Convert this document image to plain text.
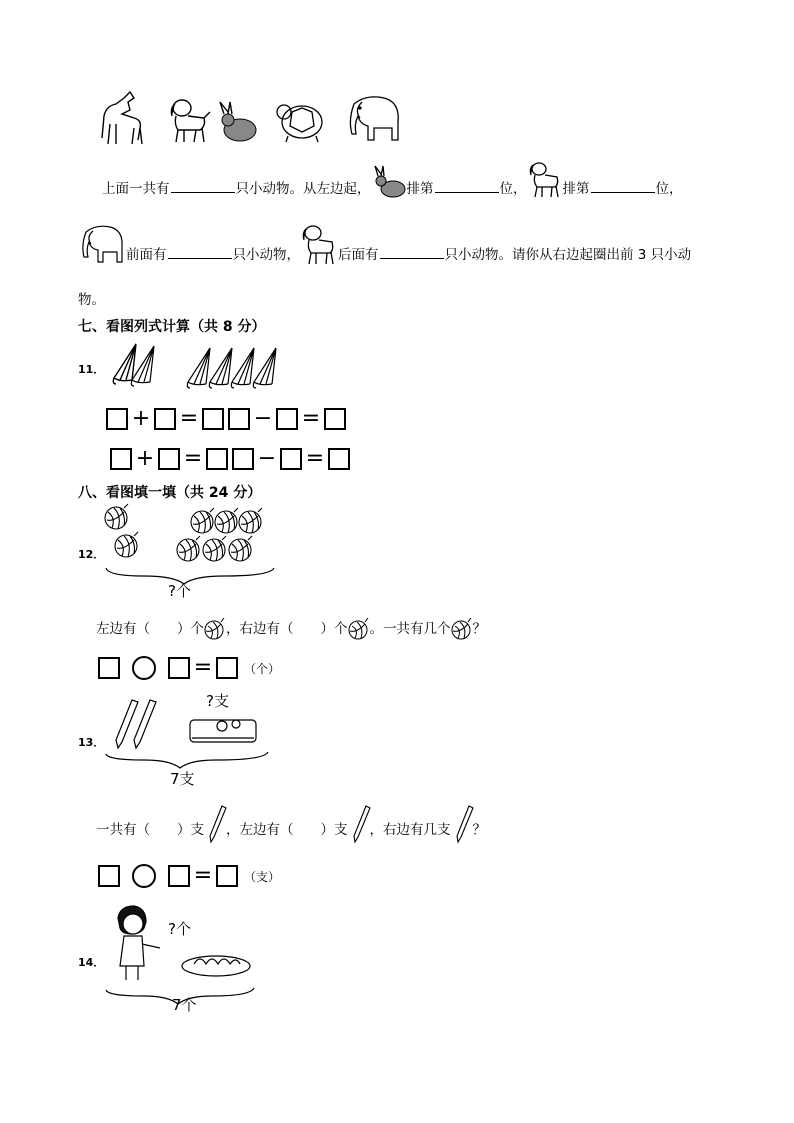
上面一共有	只小动物。从左边起，	排第	位，	排第	位，
前面有	只小动物，	后面有	只小动物。请你从右边起圈出前 3 只小动
物。
七、看图列式计算（共 8 分）
11．
+ =	− =
+ =	− =
八、看图填一填（共 24 分）
12．
?个
左边有（　　）个 ，右边有（　　）个 。一共有几个 ？
=	（个）
13．
?支
7支
一共有（　　）支 ，左边有（　　）支 ，右边有几支 ？
=	（支）
14．
?个
7个
